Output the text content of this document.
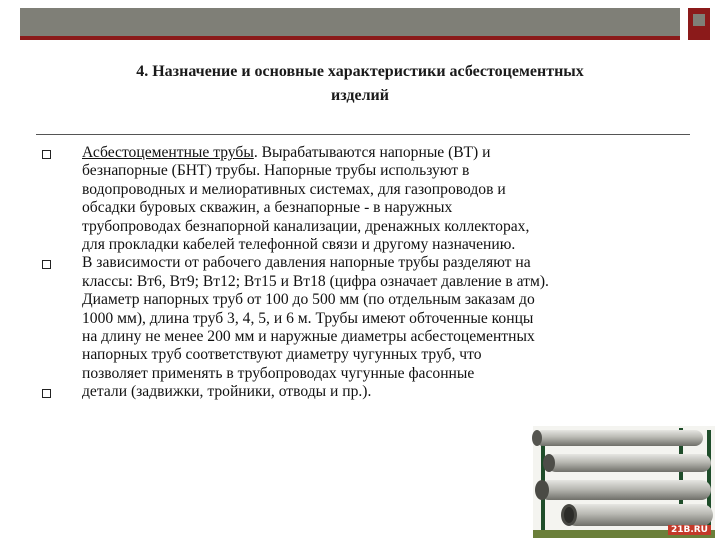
4. Назначение и основные характеристики асбестоцементных
изделий
Асбестоцементные трубы. Вырабатываются напорные (ВТ) и
безнапорные (БНТ) трубы. Напорные трубы используют в
водопроводных и мелиоративных системах, для газопроводов и
обсадки буровых скважин, а безнапорные - в наружных
трубопроводах безнапорной канализации, дренажных коллекторах,
для прокладки кабелей телефонной связи и другому назначению.
В зависимости от рабочего давления напорные трубы разделяют на
классы: Вт6, Вт9; Вт12; Вт15 и Вт18 (цифра означает давление в атм).
Диаметр напорных труб от 100 до 500 мм (по отдельным заказам до
1000 мм), длина труб 3, 4, 5, и 6 м. Трубы имеют обточенные концы
на длину не менее 200 мм и наружные диаметры асбестоцементных
напорных труб соответствуют диаметру чугунных труб, что
позволяет применять в трубопроводах чугунные фасонные
детали (задвижки, тройники, отводы и пр.).
21B.RU
